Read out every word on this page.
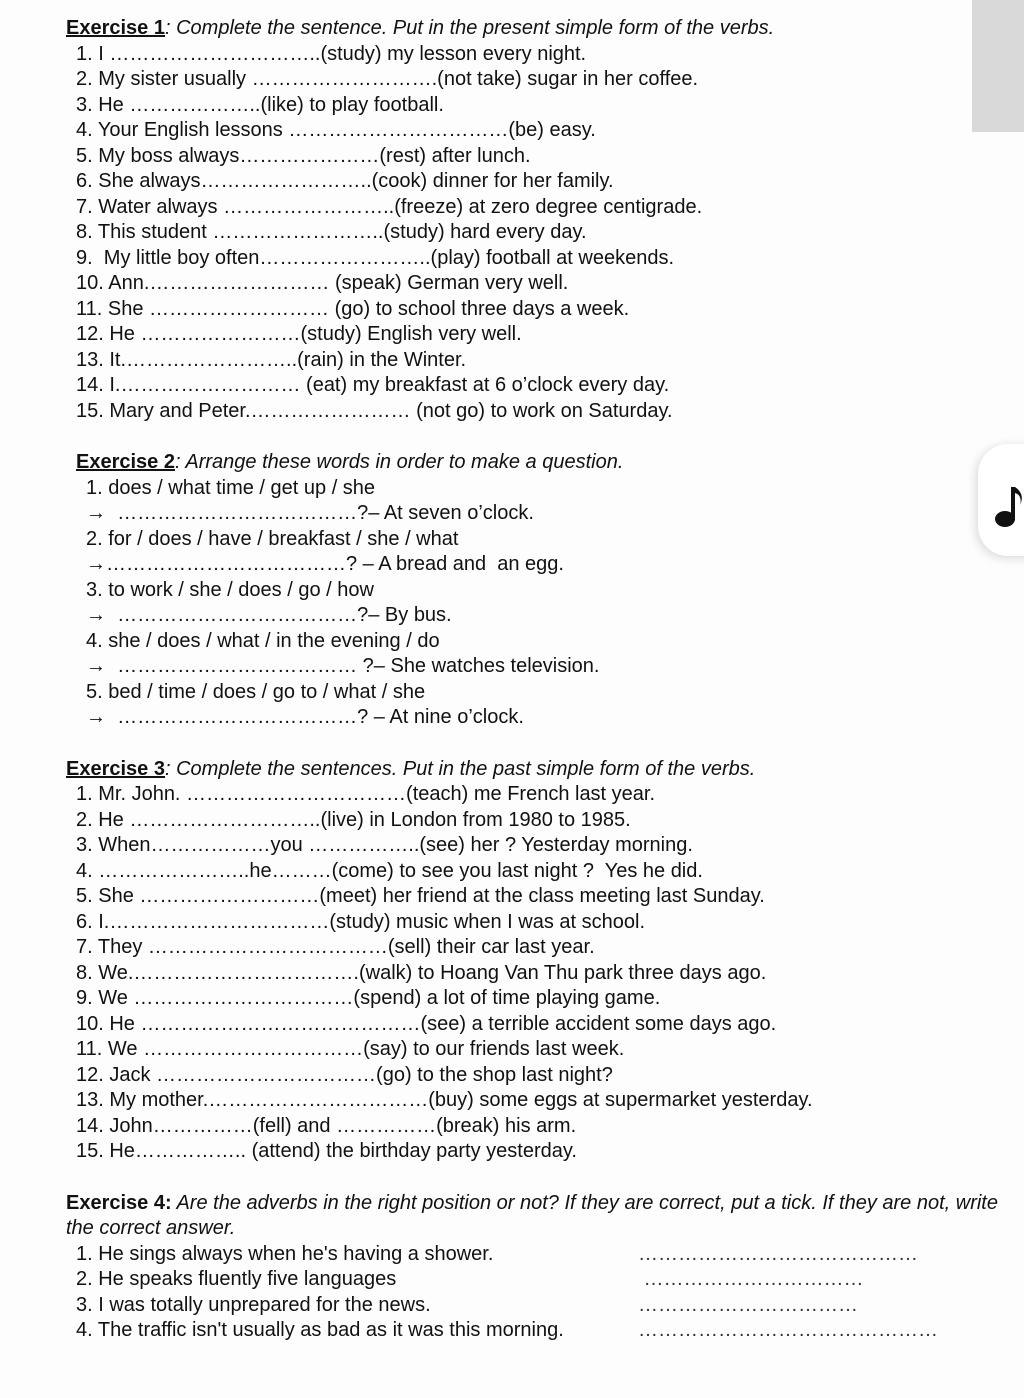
Exercise 1: Complete the sentence. Put in the present simple form of the verbs.

1. I …………………………..(study) my lesson every night.
2. My sister usually ……………………….(not take) sugar in her coffee.
3. He ………………..(like) to play football.
4. Your English lessons ……………………………(be) easy.
5. My boss always…………………(rest) after lunch.
6. She always……………………..(cook) dinner for her family.
7. Water always ……………………..(freeze) at zero degree centigrade.
8. This student ……………………..(study) hard every day.
9.  My little boy often……………………..(play) football at weekends.
10. Ann.……………………… (speak) German very well.
11. She ……………………… (go) to school three days a week.
12. He ……………………(study) English very well.
13. It.……………………..(rain) in the Winter.
14. I.……………………… (eat) my breakfast at 6 o’clock every day.
15. Mary and Peter.…………………… (not go) to work on Saturday.

Exercise 2: Arrange these words in order to make a question.

1. does / what time / get up / she
→  ………………………………?– At seven o’clock.
2. for / does / have / breakfast / she / what
→………………………………? – A bread and  an egg.
3. to work / she / does / go / how
→  ………………………………?– By bus.
4. she / does / what / in the evening / do
→  ……………………………… ?– She watches television.
5. bed / time / does / go to / what / she
→  ………………………………? – At nine o’clock.

Exercise 3: Complete the sentences. Put in the past simple form of the verbs.

1. Mr. John. ……………………………(teach) me French last year.
2. He ………………………..(live) in London from 1980 to 1985.
3. When………………you ……………..(see) her ? Yesterday morning.
4. …………………..he………(come) to see you last night ?  Yes he did.
5. She ………………………(meet) her friend at the class meeting last Sunday.
6. I.……………………………(study) music when I was at school.
7. They ………………………………(sell) their car last year.
8. We.…………………………….(walk) to Hoang Van Thu park three days ago.
9. We ……………………………(spend) a lot of time playing game.
10. He ……………………………………(see) a terrible accident some days ago.
11. We ……………………………(say) to our friends last week.
12. Jack ……………………………(go) to the shop last night?
13. My mother.……………………………(buy) some eggs at supermarket yesterday.
14. John……………(fell) and ……………(break) his arm.
15. He…………….. (attend) the birthday party yesterday.

Exercise 4: Are the adverbs in the right position or not? If they are correct, put a tick. If they are not, write the correct answer.

1. He sings always when he's having a shower.	……………………………………
2. He speaks fluently five languages	……………………………
3. I was totally unprepared for the news.	……………………………
4. The traffic isn't usually as bad as it was this morning.	………………………………………
